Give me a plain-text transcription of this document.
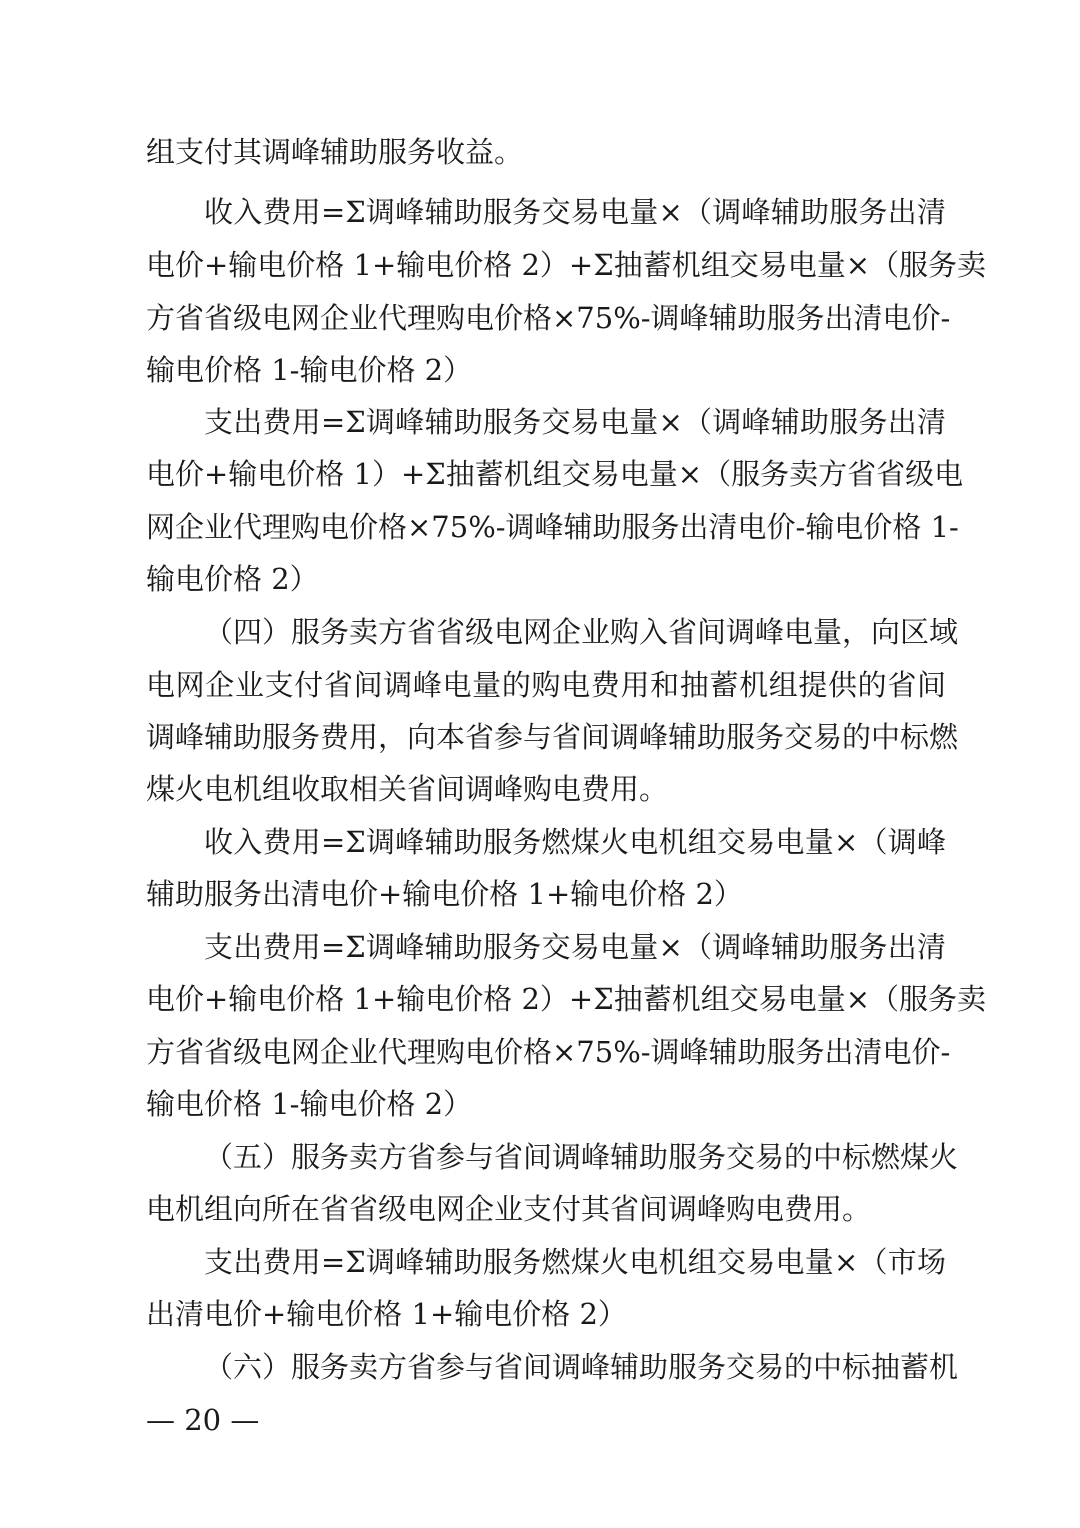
组支付其调峰辅助服务收益。
收入费用=Σ调峰辅助服务交易电量×（调峰辅助服务出清
电价+输电价格 1+输电价格 2）+Σ抽蓄机组交易电量×（服务卖
方省省级电网企业代理购电价格×75%-调峰辅助服务出清电价-
输电价格 1-输电价格 2）
支出费用=Σ调峰辅助服务交易电量×（调峰辅助服务出清
电价+输电价格 1）+Σ抽蓄机组交易电量×（服务卖方省省级电
网企业代理购电价格×75%-调峰辅助服务出清电价-输电价格 1-
输电价格 2）
（四）服务卖方省省级电网企业购入省间调峰电量，向区域
电网企业支付省间调峰电量的购电费用和抽蓄机组提供的省间
调峰辅助服务费用，向本省参与省间调峰辅助服务交易的中标燃
煤火电机组收取相关省间调峰购电费用。
收入费用=Σ调峰辅助服务燃煤火电机组交易电量×（调峰
辅助服务出清电价+输电价格 1+输电价格 2）
支出费用=Σ调峰辅助服务交易电量×（调峰辅助服务出清
电价+输电价格 1+输电价格 2）+Σ抽蓄机组交易电量×（服务卖
方省省级电网企业代理购电价格×75%-调峰辅助服务出清电价-
输电价格 1-输电价格 2）
（五）服务卖方省参与省间调峰辅助服务交易的中标燃煤火
电机组向所在省省级电网企业支付其省间调峰购电费用。
支出费用=Σ调峰辅助服务燃煤火电机组交易电量×（市场
出清电价+输电价格 1+输电价格 2）
（六）服务卖方省参与省间调峰辅助服务交易的中标抽蓄机
— 20 —
